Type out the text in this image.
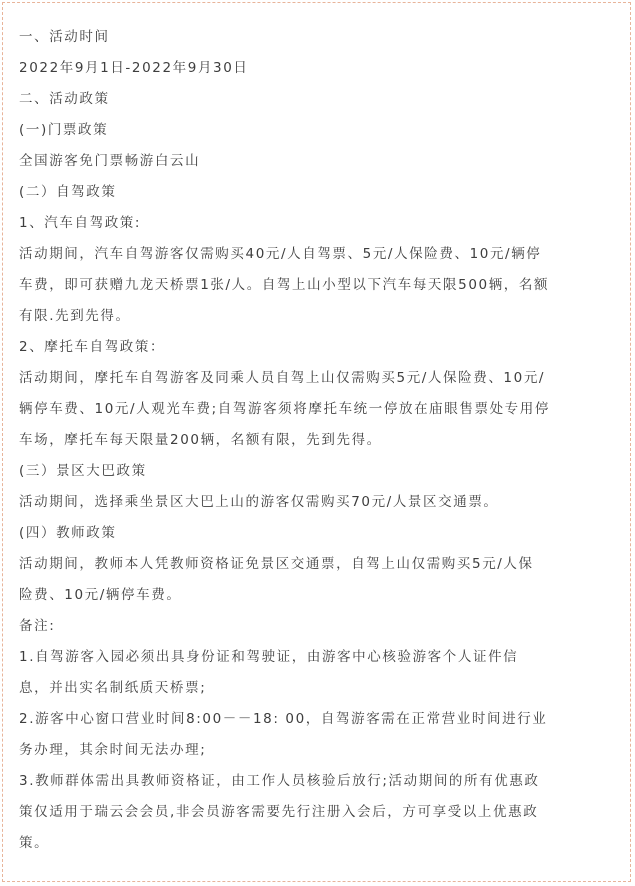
一、活动时间
2022年9月1日-2022年9月30日
二、活动政策
(一)门票政策
全国游客免门票畅游白云山
(二）自驾政策
1、汽车自驾政策:
活动期间，汽车自驾游客仅需购买40元/人自驾票、5元/人保险费、10元/辆停
车费，即可获赠九龙天桥票1张/人。自驾上山小型以下汽车每天限500辆，名额
有限.先到先得。
2、摩托车自驾政策：
活动期间，摩托车自驾游客及同乘人员自驾上山仅需购买5元/人保险费、10元/
辆停车费、10元/人观光车费;自驾游客须将摩托车统一停放在庙眼售票处专用停
车场，摩托车每天限量200辆，名额有限，先到先得。
(三）景区大巴政策
活动期间，选择乘坐景区大巴上山的游客仅需购买70元/人景区交通票。
(四）教师政策
活动期间，教师本人凭教师资格证免景区交通票，自驾上山仅需购买5元/人保
险费、10元/辆停车费。
备注:
1.自驾游客入园必须出具身份证和驾驶证，由游客中心核验游客个人证件信
息，并出实名制纸质天桥票;
2.游客中心窗口营业时间8:00－－18: 00，自驾游客需在正常营业时间进行业
务办理，其余时间无法办理;
3.教师群体需出具教师资格证，由工作人员核验后放行;活动期间的所有优惠政
策仅适用于瑞云会会员,非会员游客需要先行注册入会后，方可享受以上优惠政
策。
